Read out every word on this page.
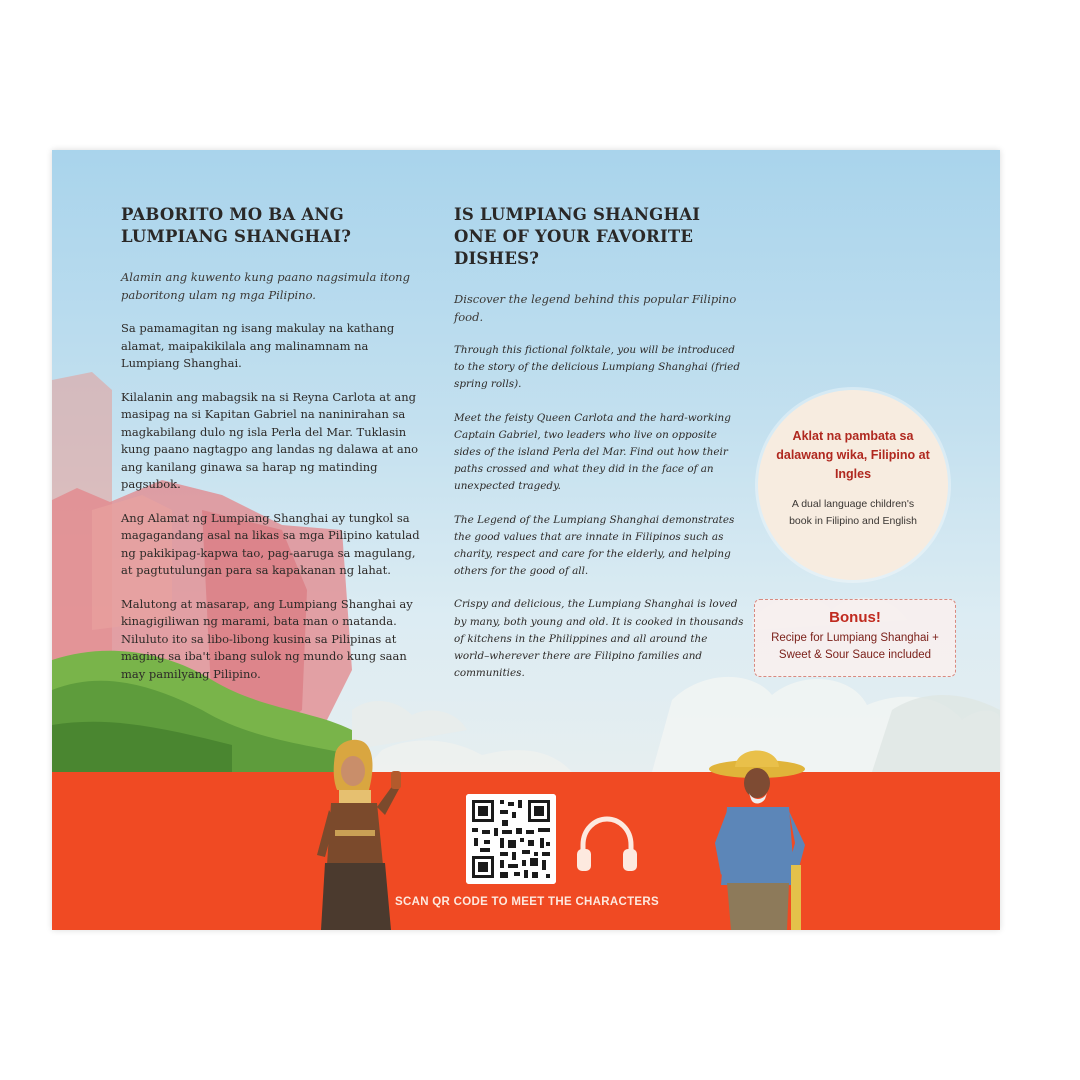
PABORITO MO BA ANG LUMPIANG SHANGHAI?

Alamin ang kuwento kung paano nagsimula itong paboritong ulam ng mga Pilipino.

Sa pamamagitan ng isang makulay na kathang alamat, maipakikilala ang malinamnam na Lumpiang Shanghai.

Kilalanin ang mabagsik na si Reyna Carlota at ang masipag na si Kapitan Gabriel na naninirahan sa magkabilang dulo ng isla Perla del Mar. Tuklasin kung paano nagtagpo ang landas ng dalawa at ano ang kanilang ginawa sa harap ng matinding pagsubok.

Ang Alamat ng Lumpiang Shanghai ay tungkol sa magagandang asal na likas sa mga Pilipino katulad ng pakikipag-kapwa tao, pag-aaruga sa magulang, at pagtutulungan para sa kapakanan ng lahat.

Malutong at masarap, ang Lumpiang Shanghai ay kinagigiliwan ng marami, bata man o matanda. Niluluto ito sa libo-libong kusina sa Pilipinas at maging sa iba't ibang sulok ng mundo kung saan may pamilyang Pilipino.

IS LUMPIANG SHANGHAI ONE OF YOUR FAVORITE DISHES?

Discover the legend behind this popular Filipino food.

Through this fictional folktale, you will be introduced to the story of the delicious Lumpiang Shanghai (fried spring rolls).

Meet the feisty Queen Carlota and the hard-working Captain Gabriel, two leaders who live on opposite sides of the island Perla del Mar. Find out how their paths crossed and what they did in the face of an unexpected tragedy.

The Legend of the Lumpiang Shanghai demonstrates the good values that are innate in Filipinos such as charity, respect and care for the elderly, and helping others for the good of all.

Crispy and delicious, the Lumpiang Shanghai is loved by many, both young and old. It is cooked in thousands of kitchens in the Philippines and all around the world–wherever there are Filipino families and communities.

Aklat na pambata sa dalawang wika, Filipino at Ingles
A dual language children's book in Filipino and English
Bonus!
Recipe for Lumpiang Shanghai + Sweet & Sour Sauce included
SCAN QR CODE TO MEET THE CHARACTERS
